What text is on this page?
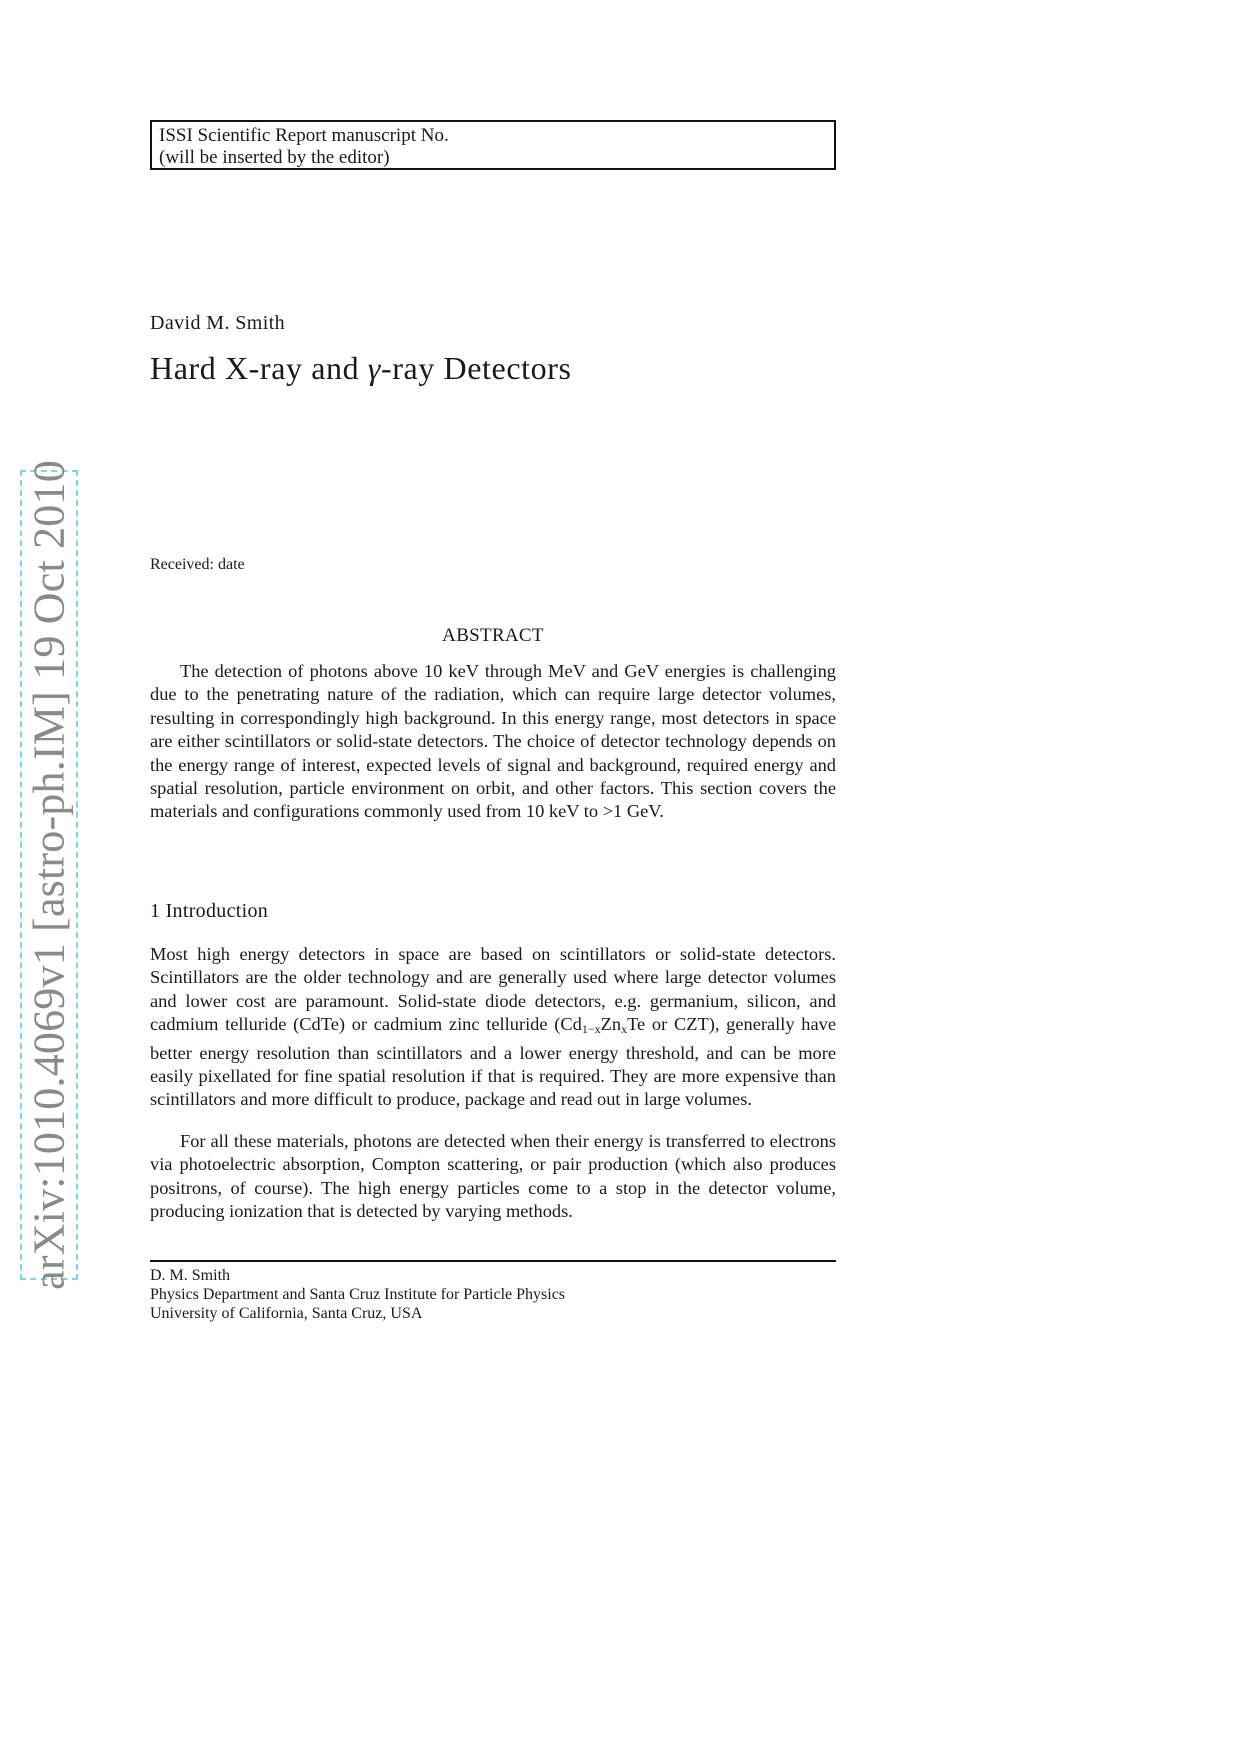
ISSI Scientific Report manuscript No.
(will be inserted by the editor)
David M. Smith
Hard X-ray and γ-ray Detectors
Received: date
ABSTRACT

The detection of photons above 10 keV through MeV and GeV energies is challenging due to the penetrating nature of the radiation, which can require large detector volumes, resulting in correspondingly high background. In this energy range, most detectors in space are either scintillators or solid-state detectors. The choice of detector technology depends on the energy range of interest, expected levels of signal and background, required energy and spatial resolution, particle environment on orbit, and other factors. This section covers the materials and configurations commonly used from 10 keV to >1 GeV.

1 Introduction

Most high energy detectors in space are based on scintillators or solid-state detectors. Scintillators are the older technology and are generally used where large detector volumes and lower cost are paramount. Solid-state diode detectors, e.g. germanium, silicon, and cadmium telluride (CdTe) or cadmium zinc telluride ($Cd_{1-x}Zn_xTe$ or CZT), generally have better energy resolution than scintillators and a lower energy threshold, and can be more easily pixellated for fine spatial resolution if that is required. They are more expensive than scintillators and more difficult to produce, package and read out in large volumes.

For all these materials, photons are detected when their energy is transferred to electrons via photoelectric absorption, Compton scattering, or pair production (which also produces positrons, of course). The high energy particles come to a stop in the detector volume, producing ionization that is detected by varying methods.

D. M. Smith
Physics Department and Santa Cruz Institute for Particle Physics
University of California, Santa Cruz, USA
arXiv:1010.4069v1 [astro-ph.IM] 19 Oct 2010
